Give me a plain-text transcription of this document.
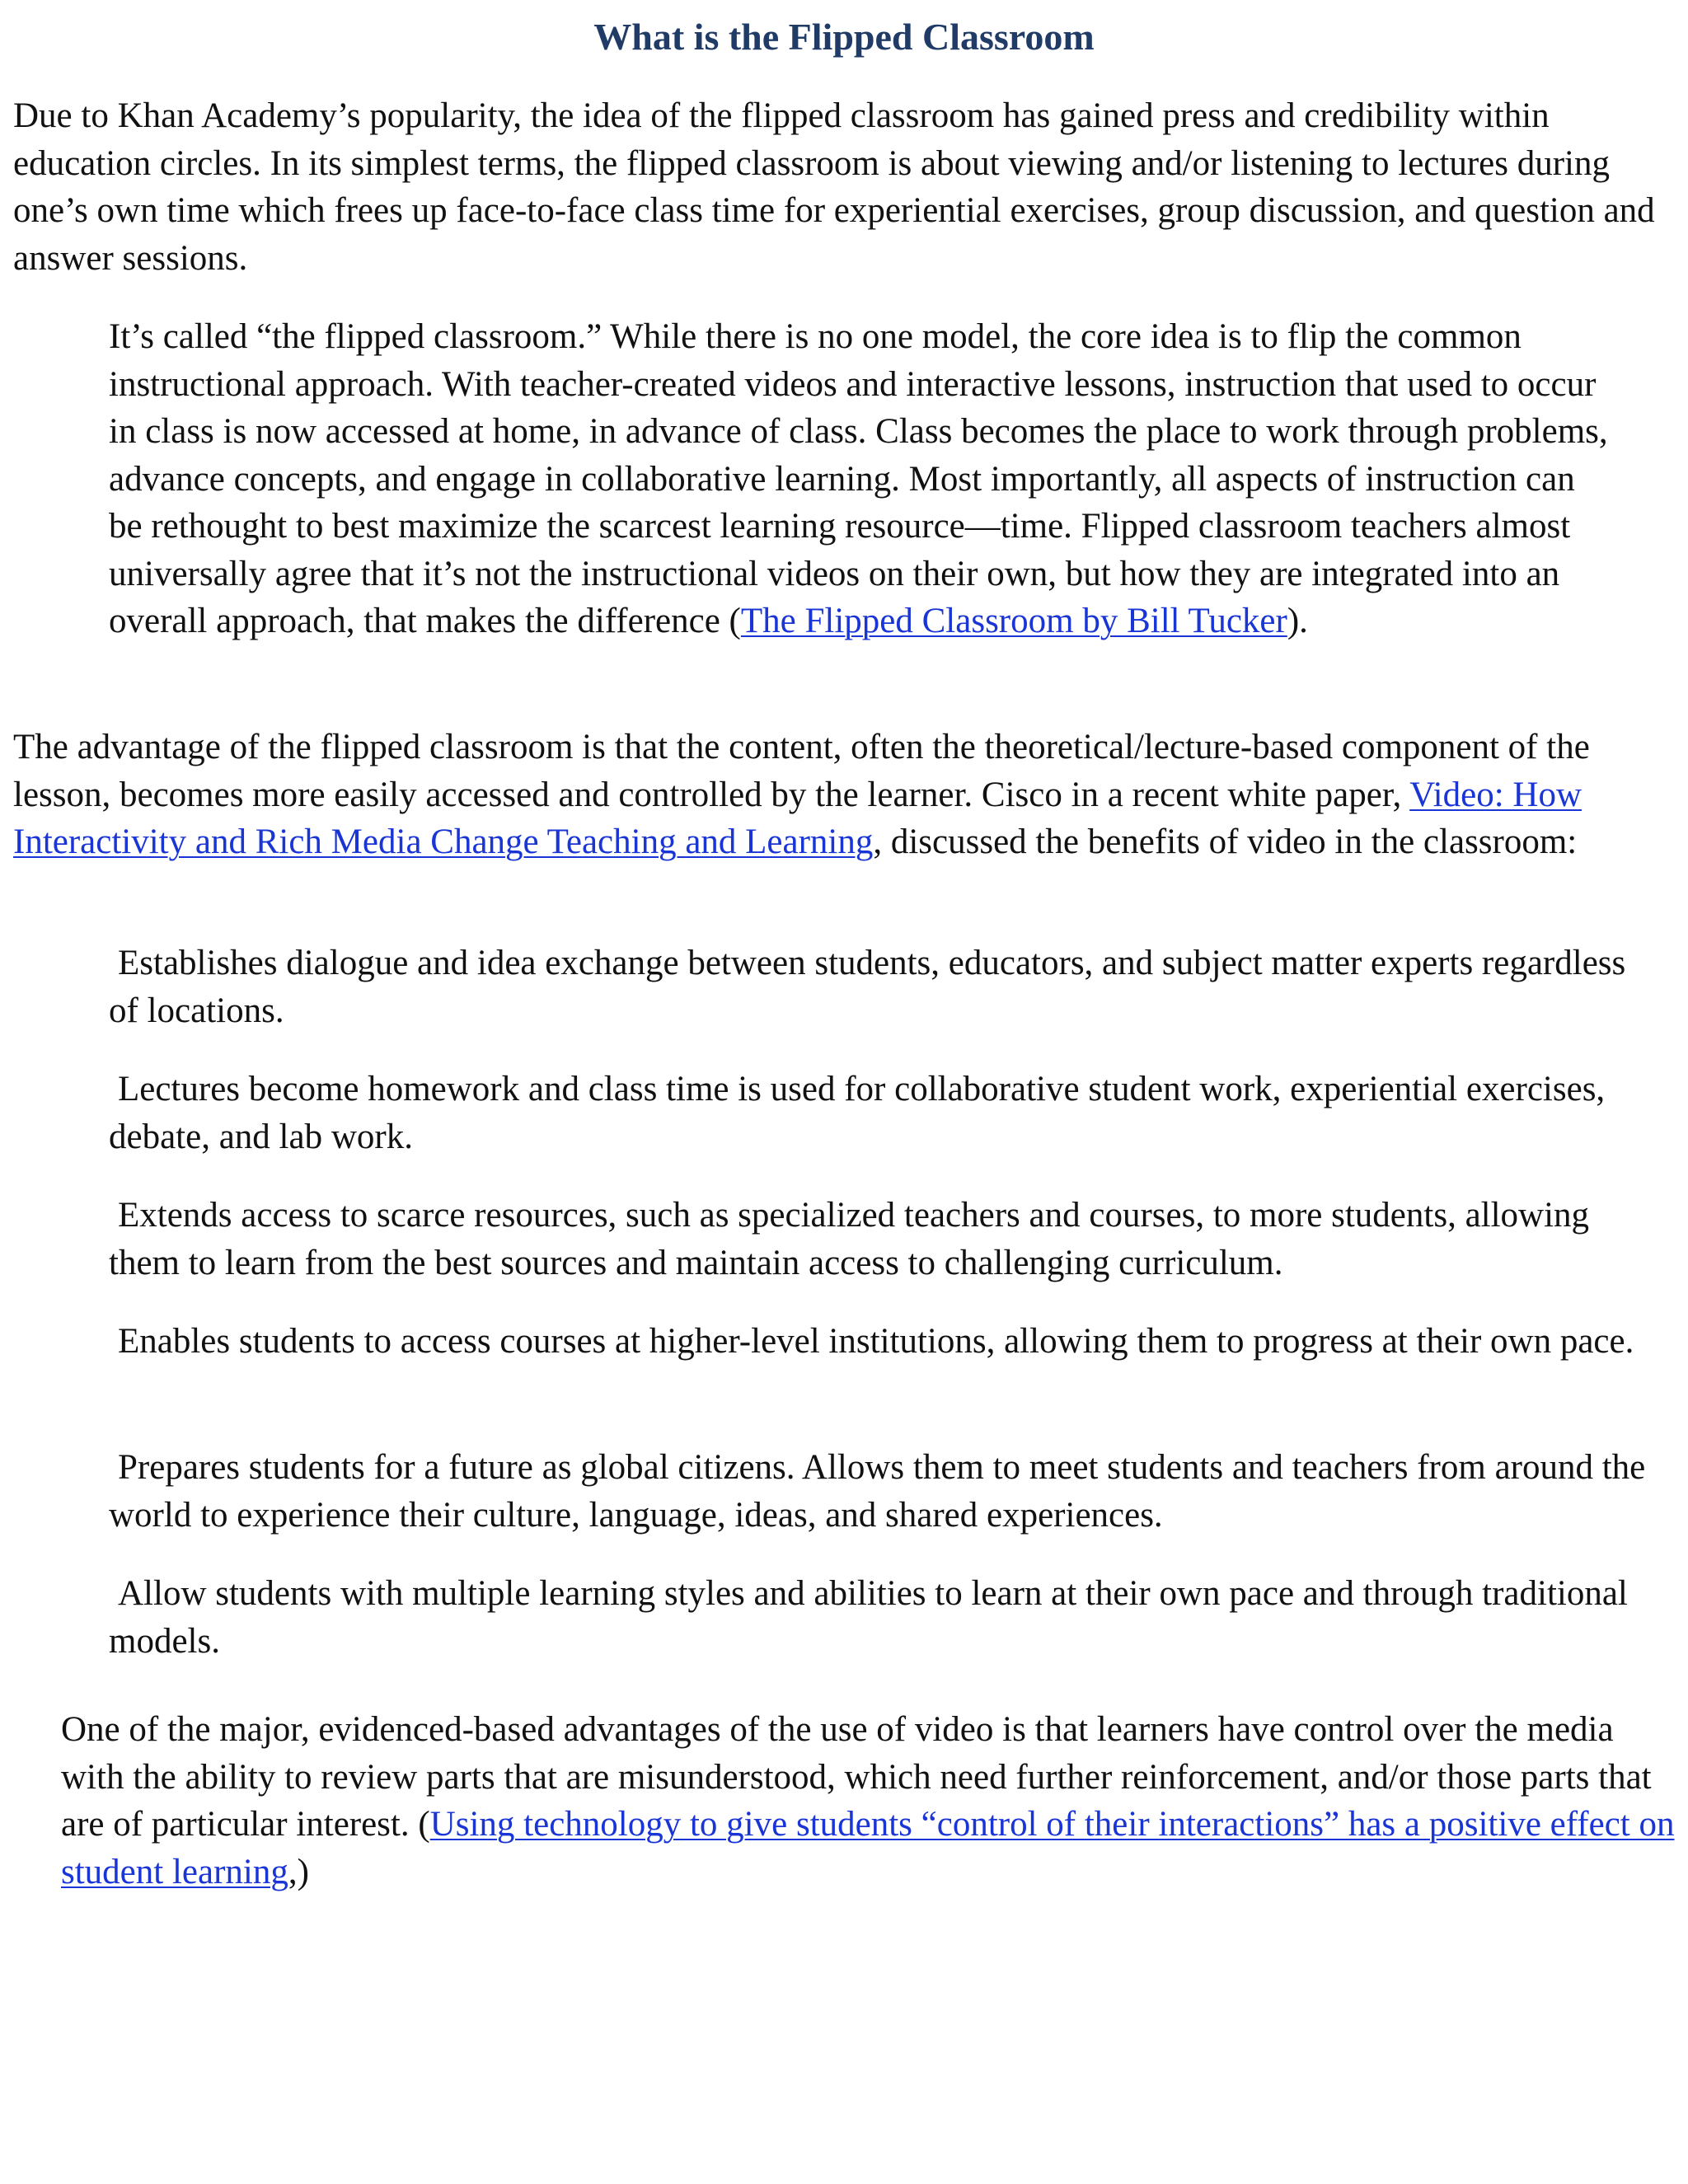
What is the Flipped Classroom

Due to Khan Academy’s popularity, the idea of the flipped classroom has gained press and credibility within education circles. In its simplest terms, the flipped classroom is about viewing and/or listening to lectures during one’s own time which frees up face-to-face class time for experiential exercises, group discussion, and question and answer sessions.

It’s called “the flipped classroom.” While there is no one model, the core idea is to flip the common instructional approach. With teacher-created videos and interactive lessons, instruction that used to occur in class is now accessed at home, in advance of class. Class becomes the place to work through problems, advance concepts, and engage in collaborative learning. Most importantly, all aspects of instruction can be rethought to best maximize the scarcest learning resource—time. Flipped classroom teachers almost universally agree that it’s not the instructional videos on their own, but how they are integrated into an overall approach, that makes the difference (The Flipped Classroom by Bill Tucker).

The advantage of the flipped classroom is that the content, often the theoretical/lecture-based component of the lesson, becomes more easily accessed and controlled by the learner. Cisco in a recent white paper, Video: How Interactivity and Rich Media Change Teaching and Learning, discussed the benefits of video in the classroom:

Establishes dialogue and idea exchange between students, educators, and subject matter experts regardless of locations.

Lectures become homework and class time is used for collaborative student work, experiential exercises, debate, and lab work.

Extends access to scarce resources, such as specialized teachers and courses, to more students, allowing them to learn from the best sources and maintain access to challenging curriculum.

Enables students to access courses at higher-level institutions, allowing them to progress at their own pace.

Prepares students for a future as global citizens. Allows them to meet students and teachers from around the world to experience their culture, language, ideas, and shared experiences.

Allow students with multiple learning styles and abilities to learn at their own pace and through traditional models.

One of the major, evidenced-based advantages of the use of video is that learners have control over the media with the ability to review parts that are misunderstood, which need further reinforcement, and/or those parts that are of particular interest. (Using technology to give students “control of their interactions” has a positive effect on student learning,)
